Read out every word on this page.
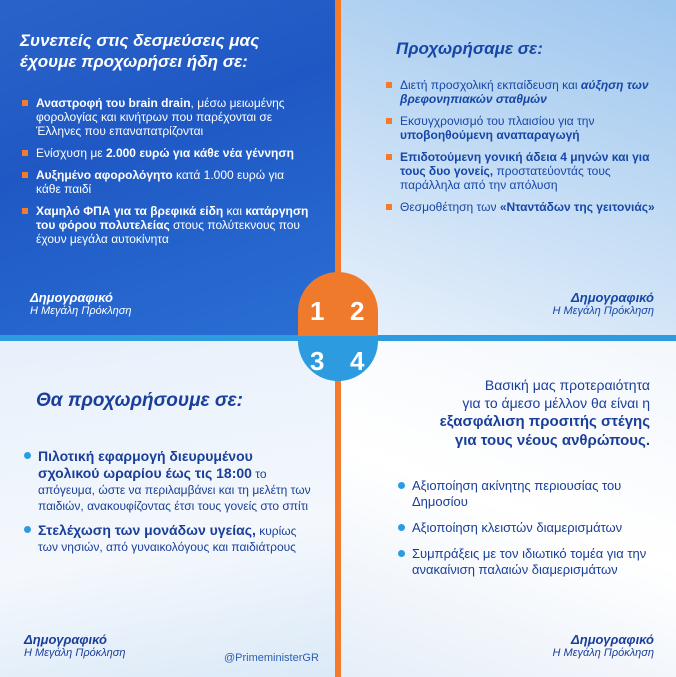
Συνεπείς στις δεσμεύσεις μας
έχουμε προχωρήσει ήδη σε:
Αναστροφή του brain drain, μέσω μειωμένης φορολογίας και κινήτρων που παρέχονται σε Έλληνες που επαναπατρίζονται
Ενίσχυση με 2.000 ευρώ για κάθε νέα γέννηση
Αυξημένο αφορολόγητο κατά 1.000 ευρώ για κάθε παιδί
Χαμηλό ΦΠΑ για τα βρεφικά είδη και κατάργηση του φόρου πολυτελείας στους πολύτεκνους που έχουν μεγάλα αυτοκίνητα
Δημογραφικό
Η Μεγάλη Πρόκληση
Προχωρήσαμε σε:
Διετή προσχολική εκπαίδευση και αύξηση των βρεφονηπιακών σταθμών
Εκσυγχρονισμό του πλαισίου για την υποβοηθούμενη αναπαραγωγή
Επιδοτούμενη γονική άδεια 4 μηνών και για τους δυο γονείς, προστατεύοντάς τους παράλληλα από την απόλυση
Θεσμοθέτηση των «Νταντάδων της γειτονιάς»
Δημογραφικό
Η Μεγάλη Πρόκληση
Θα προχωρήσουμε σε:
Πιλοτική εφαρμογή διευρυμένου σχολικού ωραρίου έως τις 18:00 το απόγευμα, ώστε να περιλαμβάνει και τη μελέτη των παιδιών, ανακουφίζοντας έτσι τους γονείς στο σπίτι
Στελέχωση των μονάδων υγείας, κυρίως των νησιών, από γυναικολόγους και παιδιάτρους
Δημογραφικό
Η Μεγάλη Πρόκληση	@PrimeministerGR
Βασική μας προτεραιότητα
για το άμεσο μέλλον θα είναι η
εξασφάλιση προσιτής στέγης
για τους νέους ανθρώπους.
Αξιοποίηση ακίνητης περιουσίας του Δημοσίου
Αξιοποίηση κλειστών διαμερισμάτων
Συμπράξεις με τον ιδιωτικό τομέα για την ανακαίνιση παλαιών διαμερισμάτων
Δημογραφικό
Η Μεγάλη Πρόκληση
1 2
3 4
